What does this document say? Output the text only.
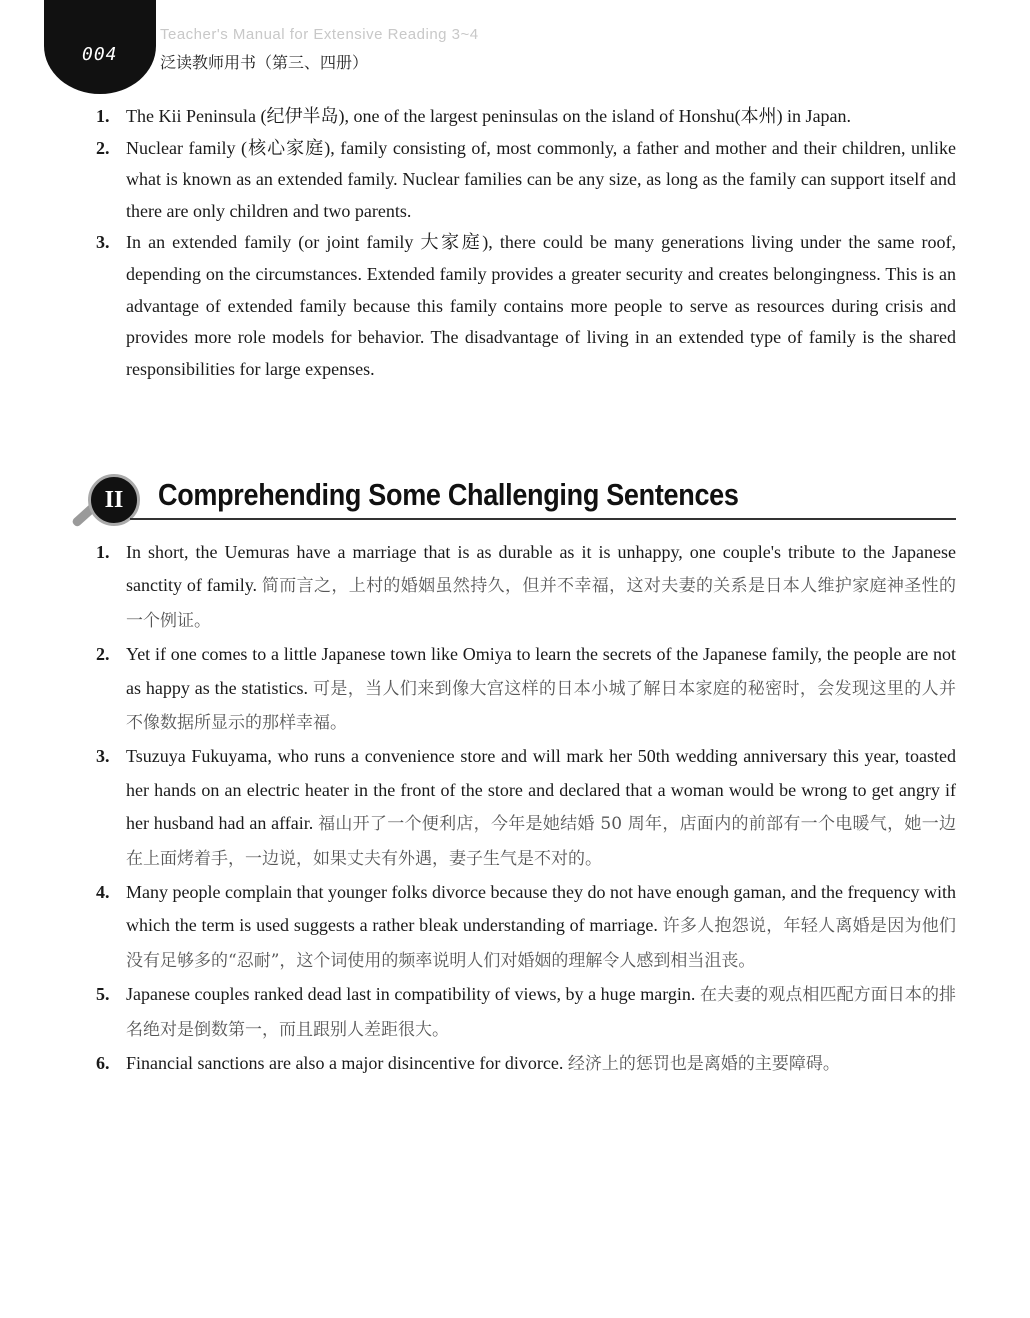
004
Teacher's Manual for Extensive Reading 3~4
泛读教师用书（第三、四册）

1. The Kii Peninsula (纪伊半岛), one of the largest peninsulas on the island of Honshu(本州) in Japan.

2. Nuclear family (核心家庭), family consisting of, most commonly, a father and mother and their children, unlike what is known as an extended family. Nuclear families can be any size, as long as the family can support itself and there are only children and two parents.

3. In an extended family (or joint family 大家庭), there could be many generations living under the same roof, depending on the circumstances. Extended family provides a greater security and creates belongingness. This is an advantage of extended family because this family contains more people to serve as resources during crisis and provides more role models for behavior. The disadvantage of living in an extended type of family is the shared responsibilities for large expenses.

II	Comprehending Some Challenging Sentences

1. In short, the Uemuras have a marriage that is as durable as it is unhappy, one couple's tribute to the Japanese sanctity of family. 简而言之，上村的婚姻虽然持久，但并不幸福，这对夫妻的关系是日本人维护家庭神圣性的一个例证。

2. Yet if one comes to a little Japanese town like Omiya to learn the secrets of the Japanese family, the people are not as happy as the statistics. 可是，当人们来到像大宫这样的日本小城了解日本家庭的秘密时，会发现这里的人并不像数据所显示的那样幸福。

3. Tsuzuya Fukuyama, who runs a convenience store and will mark her 50th wedding anniversary this year, toasted her hands on an electric heater in the front of the store and declared that a woman would be wrong to get angry if her husband had an affair. 福山开了一个便利店，今年是她结婚 50 周年，店面内的前部有一个电暖气，她一边在上面烤着手，一边说，如果丈夫有外遇，妻子生气是不对的。

4. Many people complain that younger folks divorce because they do not have enough gaman, and the frequency with which the term is used suggests a rather bleak understanding of marriage. 许多人抱怨说，年轻人离婚是因为他们没有足够多的“忍耐”，这个词使用的频率说明人们对婚姻的理解令人感到相当沮丧。

5. Japanese couples ranked dead last in compatibility of views, by a huge margin. 在夫妻的观点相匹配方面日本的排名绝对是倒数第一，而且跟别人差距很大。

6. Financial sanctions are also a major disincentive for divorce. 经济上的惩罚也是离婚的主要障碍。
